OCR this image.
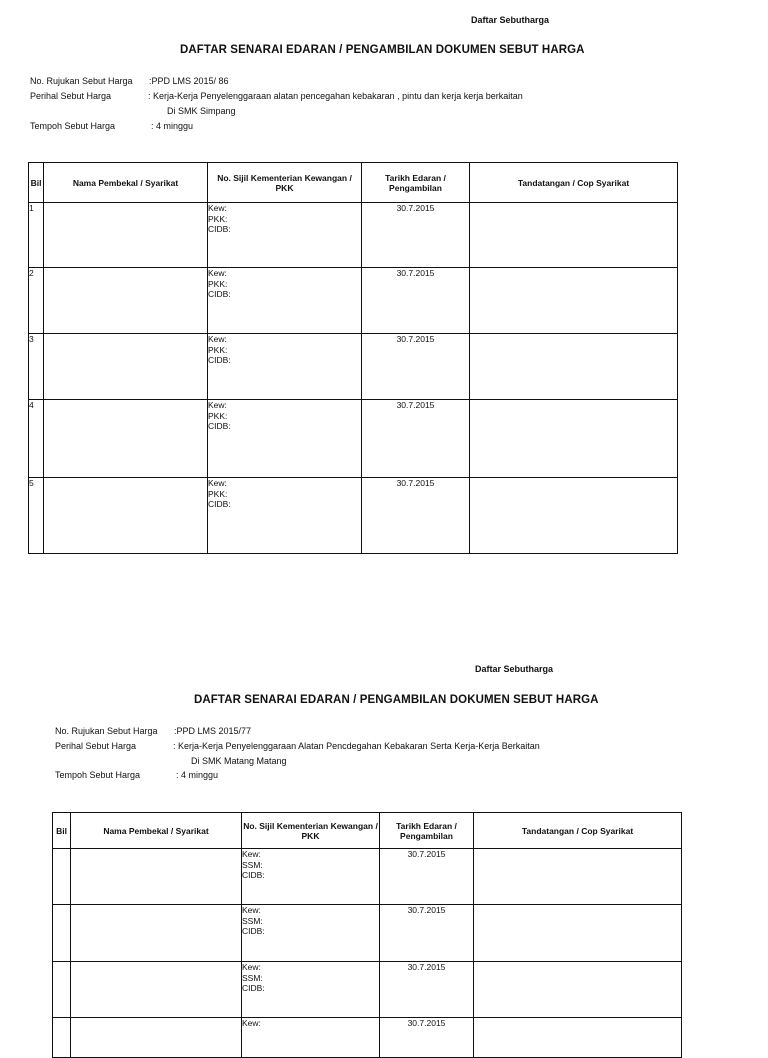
Daftar Sebutharga
DAFTAR SENARAI EDARAN / PENGAMBILAN DOKUMEN SEBUT HARGA
No. Rujukan Sebut Harga :PPD LMS 2015/ 86
Perihal Sebut Harga	: Kerja-Kerja Penyelenggaraan alatan pencegahan kebakaran , pintu dan kerja kerja berkaitan
Di SMK Simpang
Tempoh Sebut Harga	: 4 minggu
Bil	Nama Pembekal / Syarikat	No. Sijil Kementerian Kewangan / PKK	Tarikh Edaran / Pengambilan	Tandatangan / Cop Syarikat
1		Kew:
PKK:
CIDB:	30.7.2015	
2		Kew:
PKK:
CIDB:	30.7.2015	
3		Kew:
PKK:
CIDB:	30.7.2015	
4		Kew:
PKK:
CIDB:	30.7.2015	
5		Kew:
PKK:
CIDB:	30.7.2015	
Daftar Sebutharga
DAFTAR SENARAI EDARAN / PENGAMBILAN DOKUMEN SEBUT HARGA
No. Rujukan Sebut Harga :PPD LMS 2015/77
Perihal Sebut Harga	: Kerja-Kerja Penyelenggaraan Alatan Pencdegahan Kebakaran Serta Kerja-Kerja Berkaitan
Di SMK Matang Matang
Tempoh Sebut Harga	: 4 minggu
Bil	Nama Pembekal / Syarikat	No. Sijil Kementerian Kewangan / PKK	Tarikh Edaran / Pengambilan	Tandatangan / Cop Syarikat

		Kew:
SSM:
CIDB:	30.7.2015	

		Kew:
SSM:
CIDB:	30.7.2015	

		Kew:
SSM:
CIDB:	30.7.2015	

		Kew:	30.7.2015	
